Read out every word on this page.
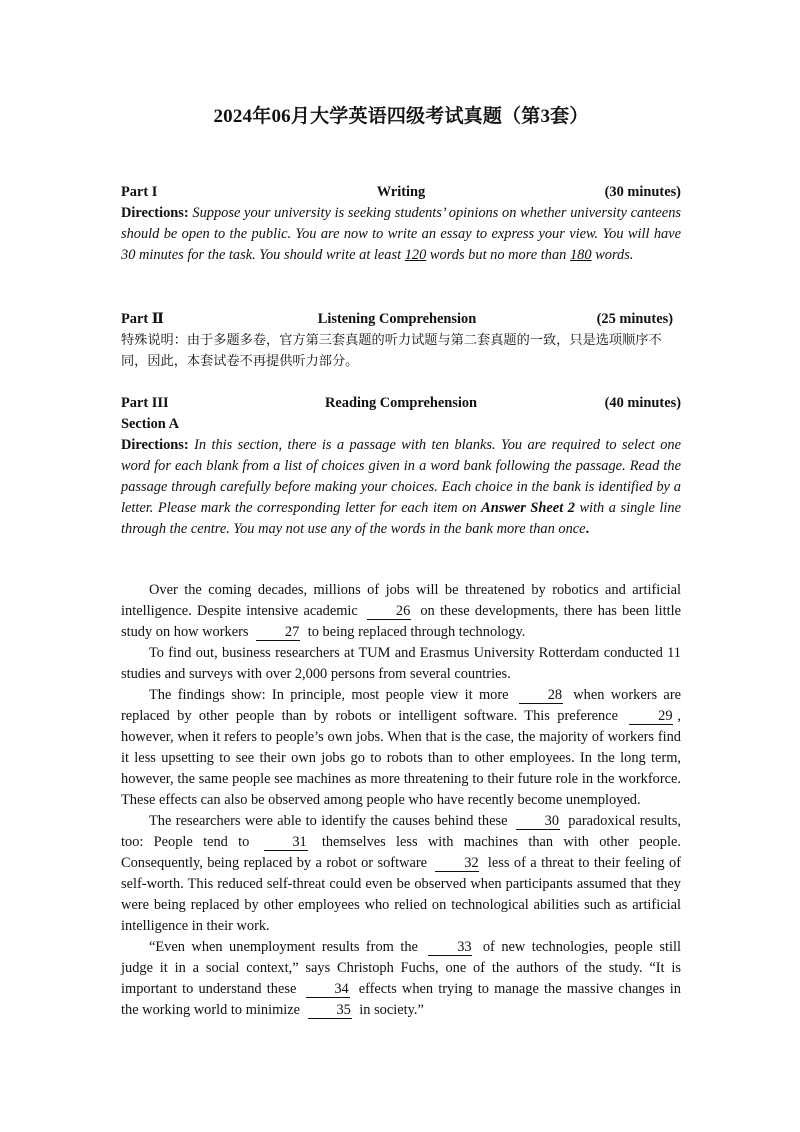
2024年06月大学英语四级考试真题（第3套）
Part I	Writing	(30 minutes)
Directions: Suppose your university is seeking students’ opinions on whether university canteens should be open to the public. You are now to write an essay to express your view. You will have 30 minutes for the task. You should write at least 120 words but no more than 180 words.
Part Ⅱ	Listening Comprehension	(25 minutes)
特殊说明：由于多题多卷，官方第三套真题的听力试题与第二套真题的一致，只是选项顺序不同，因此，本套试卷不再提供听力部分。
Part III	Reading Comprehension	(40 minutes)
Section A
Directions: In this section, there is a passage with ten blanks. You are required to select one word for each blank from a list of choices given in a word bank following the passage. Read the passage through carefully before making your choices. Each choice in the bank is identified by a letter. Please mark the corresponding letter for each item on Answer Sheet 2 with a single line through the centre. You may not use any of the words in the bank more than once.

Over the coming decades, millions of jobs will be threatened by robotics and artificial intelligence. Despite intensive academic	26 on these developments, there has been little study on how workers	27 to being replaced through technology.

To find out, business researchers at TUM and Erasmus University Rotterdam conducted 11 studies and surveys with over 2,000 persons from several countries.

The findings show: In principle, most people view it more	28 when workers are replaced by other people than by robots or intelligent software. This preference	29 , however, when it refers to people’s own jobs. When that is the case, the majority of workers find it less upsetting to see their own jobs go to robots than to other employees. In the long term, however, the same people see machines as more threatening to their future role in the workforce. These effects can also be observed among people who have recently become unemployed.

The researchers were able to identify the causes behind these	30 paradoxical results, too: People tend to	31 themselves less with machines than with other people. Consequently, being replaced by a robot or software	32 less of a threat to their feeling of self-worth. This reduced self-threat could even be observed when participants assumed that they were being replaced by other employees who relied on technological abilities such as artificial intelligence in their work.

“Even when unemployment results from the	33 of new technologies, people still judge it in a social context,” says Christoph Fuchs, one of the authors of the study. “It is important to understand these	34 effects when trying to manage the massive changes in the working world to minimize	35 in society.”
